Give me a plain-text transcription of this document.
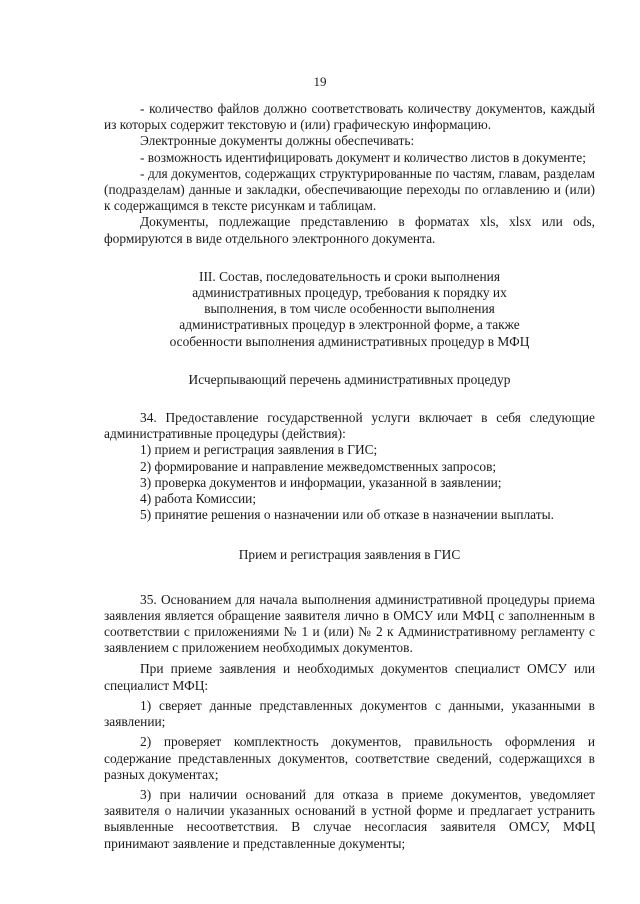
19

- количество файлов должно соответствовать количеству документов, каждый из которых содержит текстовую и (или) графическую информацию.

Электронные документы должны обеспечивать:

- возможность идентифицировать документ и количество листов в документе;

- для документов, содержащих структурированные по частям, главам, разделам (подразделам) данные и закладки, обеспечивающие переходы по оглавлению и (или) к содержащимся в тексте рисункам и таблицам.

Документы, подлежащие представлению в форматах xls, xlsx или ods, формируются в виде отдельного электронного документа.

III. Состав, последовательность и сроки выполнения
административных процедур, требования к порядку их
выполнения, в том числе особенности выполнения
административных процедур в электронной форме, а также
особенности выполнения административных процедур в МФЦ

Исчерпывающий перечень административных процедур

34. Предоставление государственной услуги включает в себя следующие административные процедуры (действия):

1) прием и регистрация заявления в ГИС;

2) формирование и направление межведомственных запросов;

3) проверка документов и информации, указанной в заявлении;

4) работа Комиссии;

5) принятие решения о назначении или об отказе в назначении выплаты.

Прием и регистрация заявления в ГИС

35. Основанием для начала выполнения административной процедуры приема заявления является обращение заявителя лично в ОМСУ или МФЦ с заполненным в соответствии с приложениями № 1 и (или) № 2 к Административному регламенту с заявлением с приложением необходимых документов.

При приеме заявления и необходимых документов специалист ОМСУ или специалист МФЦ:

1) сверяет данные представленных документов с данными, указанными в заявлении;

2) проверяет комплектность документов, правильность оформления и содержание представленных документов, соответствие сведений, содержащихся в разных документах;

3) при наличии оснований для отказа в приеме документов, уведомляет заявителя о наличии указанных оснований в устной форме и предлагает устранить выявленные несоответствия. В случае несогласия заявителя ОМСУ, МФЦ принимают заявление и представленные документы;
